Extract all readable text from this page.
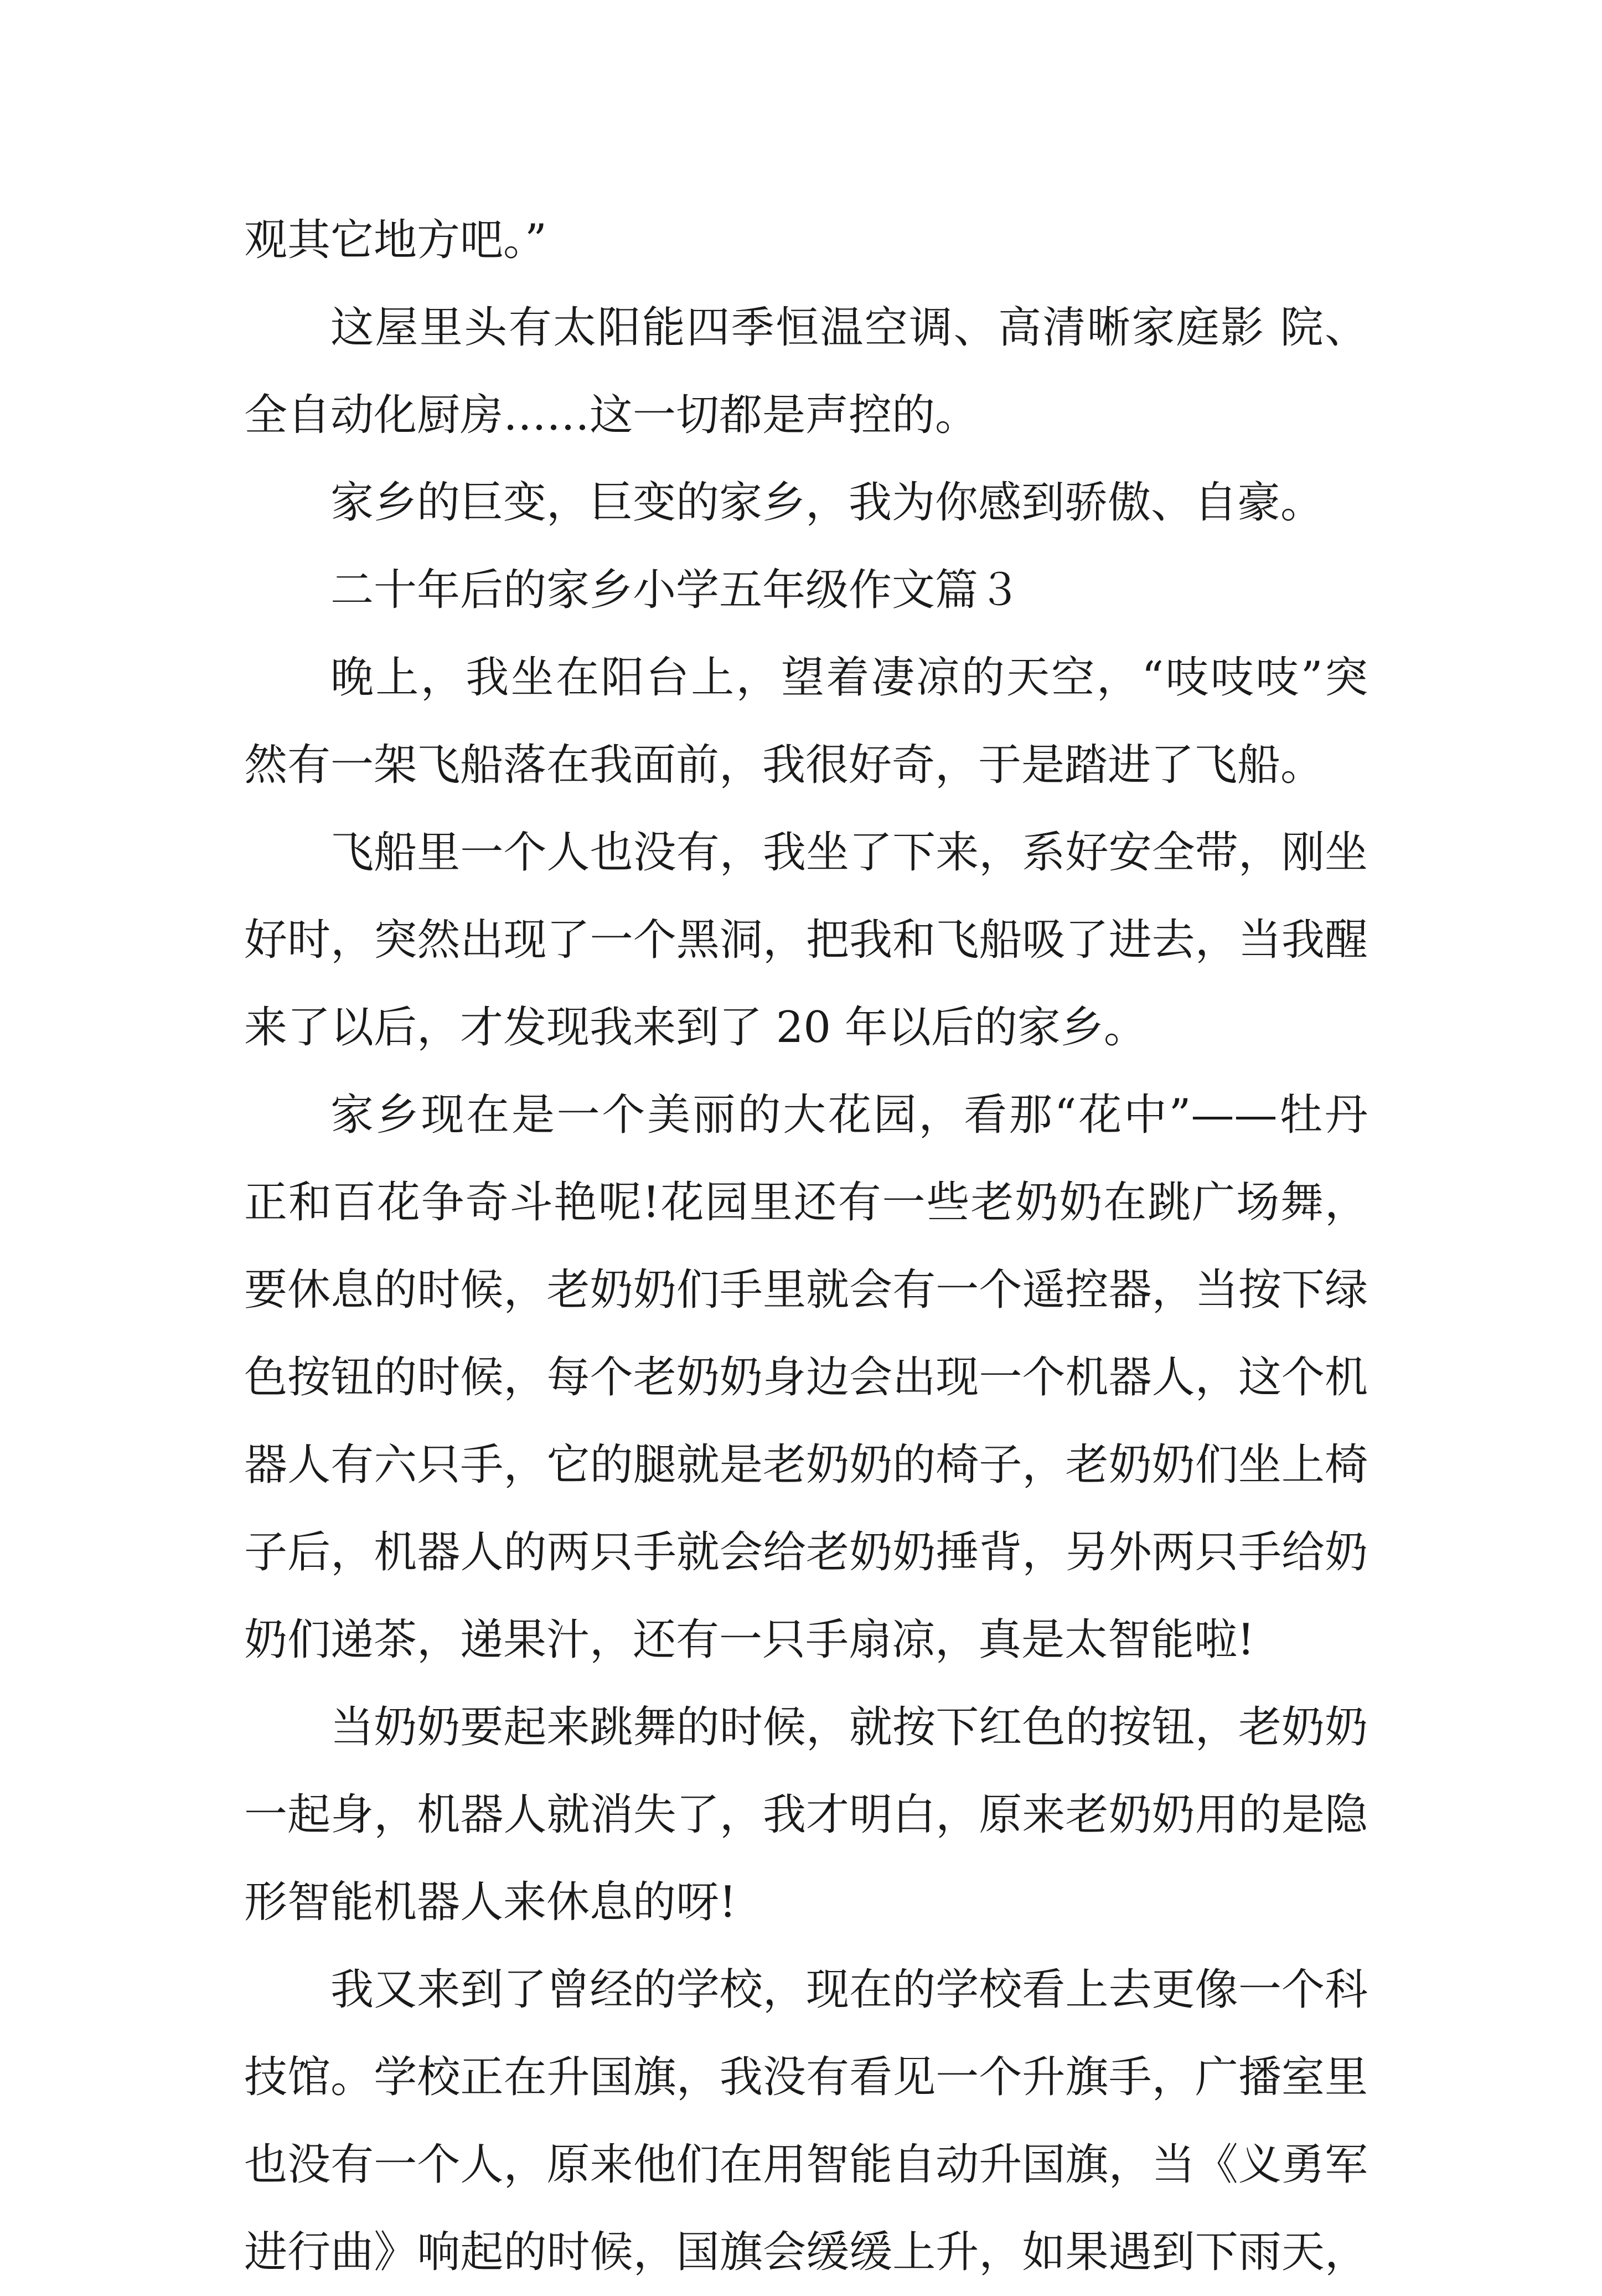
观其它地方吧。”
这屋里头有太阳能四季恒温空调、高清晰家庭影 院、
全自动化厨房……这一切都是声控的。
家乡的巨变，巨变的家乡，我为你感到骄傲、自豪。
二十年后的家乡小学五年级作文篇３
晚上，我坐在阳台上，望着凄凉的天空，“吱吱吱”突
然有一架飞船落在我面前，我很好奇，于是踏进了飞船。
飞船里一个人也没有，我坐了下来，系好安全带，刚坐
好时，突然出现了一个黑洞，把我和飞船吸了进去，当我醒
来了以后，才发现我来到了 20 年以后的家乡。
家乡现在是一个美丽的大花园，看那“花中”——牡丹
正和百花争奇斗艳呢!花园里还有一些老奶奶在跳广场舞，
要休息的时候，老奶奶们手里就会有一个遥控器，当按下绿
色按钮的时候，每个老奶奶身边会出现一个机器人，这个机
器人有六只手，它的腿就是老奶奶的椅子，老奶奶们坐上椅
子后，机器人的两只手就会给老奶奶捶背，另外两只手给奶
奶们递茶，递果汁，还有一只手扇凉，真是太智能啦!
当奶奶要起来跳舞的时候，就按下红色的按钮，老奶奶
一起身，机器人就消失了，我才明白，原来老奶奶用的是隐
形智能机器人来休息的呀!
我又来到了曾经的学校，现在的学校看上去更像一个科
技馆。学校正在升国旗，我没有看见一个升旗手，广播室里
也没有一个人，原来他们在用智能自动升国旗，当《义勇军
进行曲》响起的时候，国旗会缓缓上升，如果遇到下雨天，
